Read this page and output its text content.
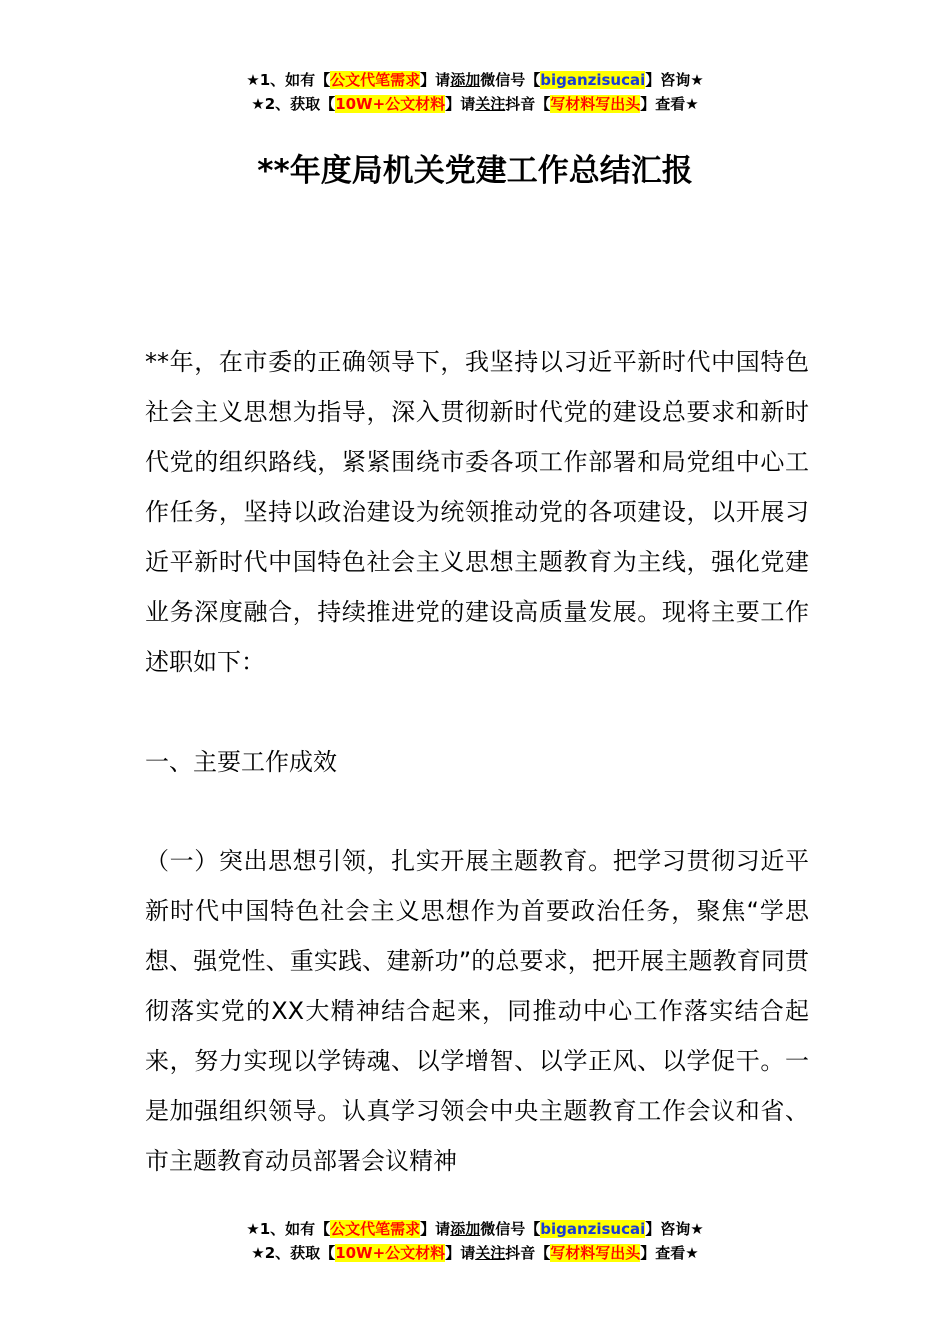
★1、如有【公文代笔需求】请添加微信号【biganzisucai】咨询★
★2、获取【10W+公文材料】请关注抖音【写材料写出头】查看★
**年度局机关党建工作总结汇报

**年，在市委的正确领导下，我坚持以习近平新时代中国特色社会主义思想为指导，深入贯彻新时代党的建设总要求和新时代党的组织路线，紧紧围绕市委各项工作部署和局党组中心工作任务，坚持以政治建设为统领推动党的各项建设，以开展习近平新时代中国特色社会主义思想主题教育为主线，强化党建业务深度融合，持续推进党的建设高质量发展。现将主要工作述职如下：

一、主要工作成效

（一）突出思想引领，扎实开展主题教育。把学习贯彻习近平新时代中国特色社会主义思想作为首要政治任务，聚焦“学思想、强党性、重实践、建新功”的总要求，把开展主题教育同贯彻落实党的XX大精神结合起来，同推动中心工作落实结合起来，努力实现以学铸魂、以学增智、以学正风、以学促干。一是加强组织领导。认真学习领会中央主题教育工作会议和省、市主题教育动员部署会议精神

★1、如有【公文代笔需求】请添加微信号【biganzisucai】咨询★
★2、获取【10W+公文材料】请关注抖音【写材料写出头】查看★
